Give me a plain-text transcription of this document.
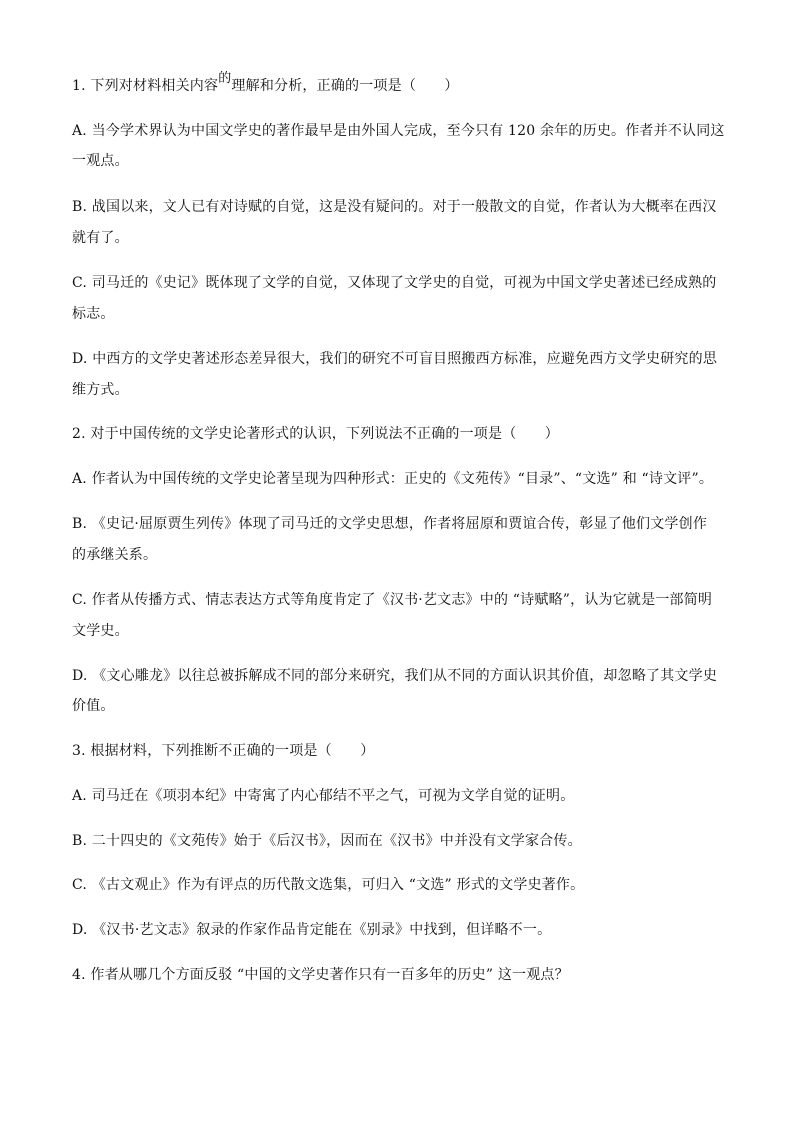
1. 下列对材料相关内容的理解和分析，正确的一项是（　　）
A. 当今学术界认为中国文学史的著作最早是由外国人完成，至今只有 120 余年的历史。作者并不认同这
一观点。
B. 战国以来，文人已有对诗赋的自觉，这是没有疑问的。对于一般散文的自觉，作者认为大概率在西汉
就有了。
C. 司马迁的《史记》既体现了文学的自觉，又体现了文学史的自觉，可视为中国文学史著述已经成熟的
标志。
D. 中西方的文学史著述形态差异很大，我们的研究不可盲目照搬西方标准，应避免西方文学史研究的思
维方式。
2. 对于中国传统的文学史论著形式的认识，下列说法不正确的一项是（　　）
A. 作者认为中国传统的文学史论著呈现为四种形式：正史的《文苑传》“目录”、“文选” 和 “诗文评”。
B. 《史记·屈原贾生列传》体现了司马迁的文学史思想，作者将屈原和贾谊合传，彰显了他们文学创作
的承继关系。
C. 作者从传播方式、情志表达方式等角度肯定了《汉书·艺文志》中的 “诗赋略”，认为它就是一部简明
文学史。
D. 《文心雕龙》以往总被拆解成不同的部分来研究，我们从不同的方面认识其价值，却忽略了其文学史
价值。
3. 根据材料，下列推断不正确的一项是（　　）
A. 司马迁在《项羽本纪》中寄寓了内心郁结不平之气，可视为文学自觉的证明。
B. 二十四史的《文苑传》始于《后汉书》，因而在《汉书》中并没有文学家合传。
C. 《古文观止》作为有评点的历代散文选集，可归入 “文选” 形式的文学史著作。
D. 《汉书·艺文志》叙录的作家作品肯定能在《别录》中找到，但详略不一。
4. 作者从哪几个方面反驳 “中国的文学史著作只有一百多年的历史” 这一观点？
